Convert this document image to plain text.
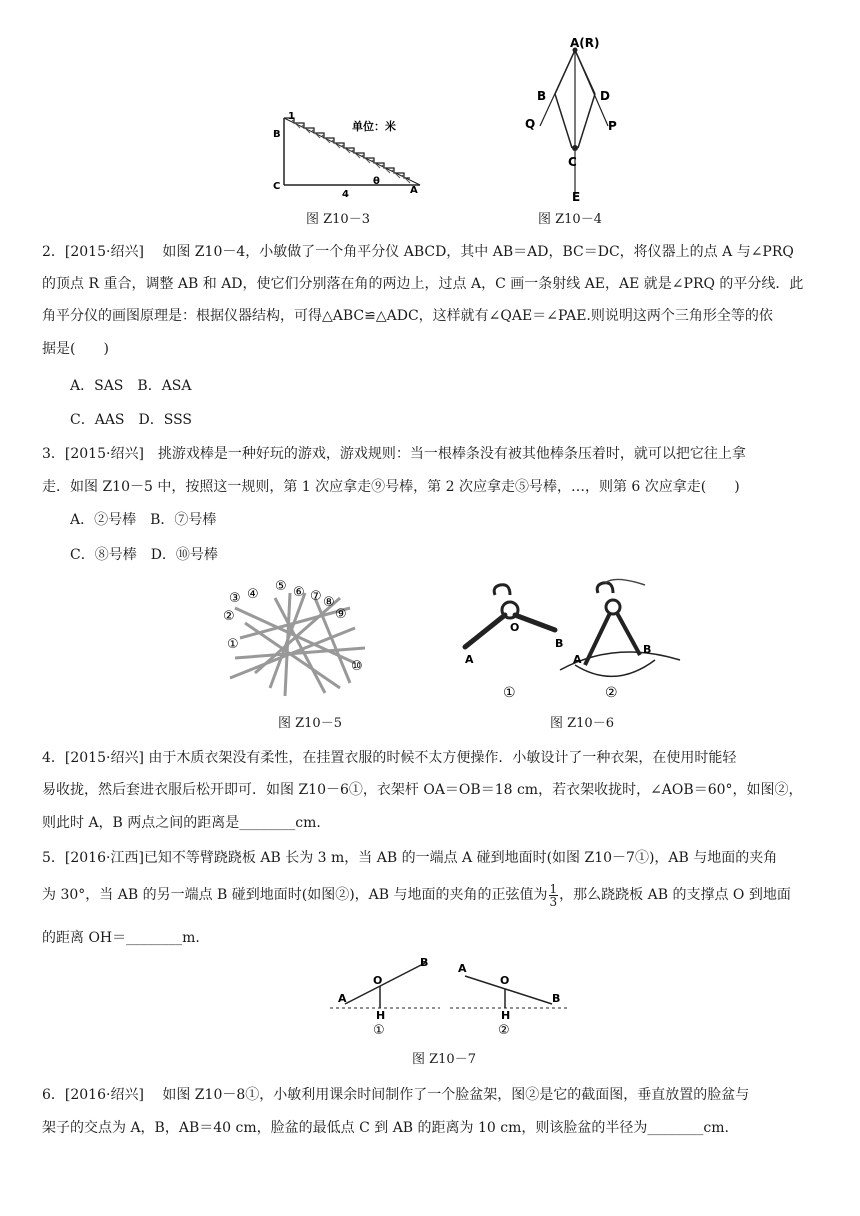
1
B
C	A
θ
4
单位：米
图 Z10－3
A(R)
B	D
Q	P
C
E
图 Z10－4
2．[2015·绍兴]　 如图 Z10－4，小敏做了一个角平分仪 ABCD，其中 AB＝AD，BC＝DC，将仪器上的点 A 与∠PRQ
的顶点 R 重合，调整 AB 和 AD，使它们分别落在角的两边上，过点 A，C 画一条射线 AE，AE 就是∠PRQ 的平分线．此
角平分仪的画图原理是：根据仪器结构，可得△ABC≌△ADC，这样就有∠QAE＝∠PAE.则说明这两个三角形全等的依
据是(　　)
A．SAS　B．ASA
C．AAS　D．SSS
3．[2015·绍兴]　挑游戏棒是一种好玩的游戏，游戏规则：当一根棒条没有被其他棒条压着时，就可以把它往上拿
走．如图 Z10－5 中，按照这一规则，第 1 次应拿走⑨号棒，第 2 次应拿走⑤号棒，…，则第 6 次应拿走(　　)
A．②号棒　B．⑦号棒
C．⑧号棒　D．⑩号棒
⑤ ⑥ ⑦ ⑧
③ ④
②	⑨
①
⑩
图 Z10－5
O
A
B
①
A
B
②
图 Z10－6
4．[2015·绍兴] 由于木质衣架没有柔性，在挂置衣服的时候不太方便操作．小敏设计了一种衣架，在使用时能轻
易收拢，然后套进衣服后松开即可．如图 Z10－6①，衣架杆 OA＝OB＝18 cm，若衣架收拢时，∠AOB＝60°，如图②，
则此时 A，B 两点之间的距离是________cm.
5．[2016·江西]已知不等臂跷跷板 AB 长为 3 m，当 AB 的一端点 A 碰到地面时(如图 Z10－7①)，AB 与地面的夹角
为 30°，当 AB 的另一端点 B 碰到地面时(如图②)，AB 与地面的夹角的正弦值为 $\frac{1}{3}$ ，那么跷跷板 AB 的支撑点 O 到地面
的距离 OH＝________m.
B
O
A
H
①
A
O
B
H
②
图 Z10－7
6．[2016·绍兴]　 如图 Z10－8①，小敏利用课余时间制作了一个脸盆架，图②是它的截面图，垂直放置的脸盆与
架子的交点为 A，B，AB＝40 cm，脸盆的最低点 C 到 AB 的距离为 10 cm，则该脸盆的半径为________cm.
